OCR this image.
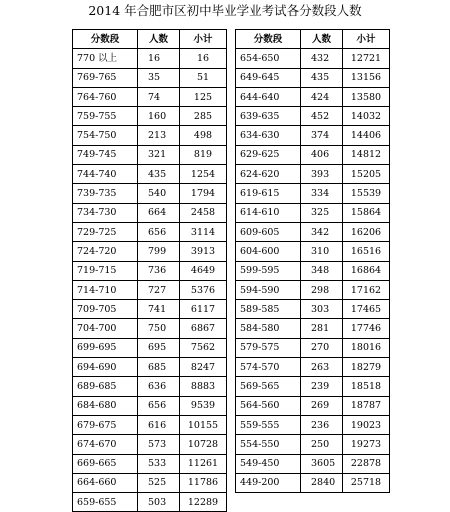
2014 年合肥市区初中毕业学业考试各分数段人数
分数段	人数	小计
770 以上	16	16
769-765	35	51
764-760	74	125
759-755	160	285
754-750	213	498
749-745	321	819
744-740	435	1254
739-735	540	1794
734-730	664	2458
729-725	656	3114
724-720	799	3913
719-715	736	4649
714-710	727	5376
709-705	741	6117
704-700	750	6867
699-695	695	7562
694-690	685	8247
689-685	636	8883
684-680	656	9539
679-675	616	10155
674-670	573	10728
669-665	533	11261
664-660	525	11786
659-655	503	12289
分数段	人数	小计
654-650	432	12721
649-645	435	13156
644-640	424	13580
639-635	452	14032
634-630	374	14406
629-625	406	14812
624-620	393	15205
619-615	334	15539
614-610	325	15864
609-605	342	16206
604-600	310	16516
599-595	348	16864
594-590	298	17162
589-585	303	17465
584-580	281	17746
579-575	270	18016
574-570	263	18279
569-565	239	18518
564-560	269	18787
559-555	236	19023
554-550	250	19273
549-450	3605	22878
449-200	2840	25718
